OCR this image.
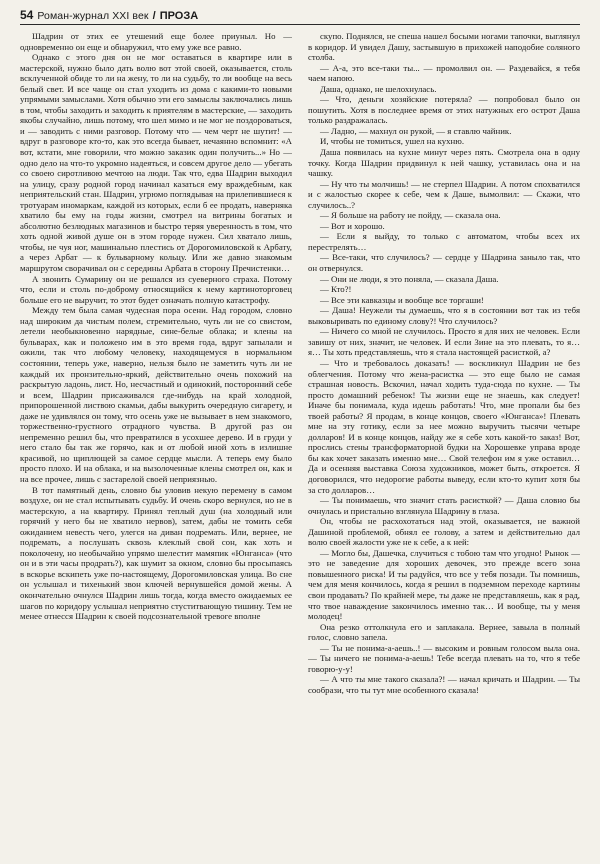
54 Роман-журнал XXI век / ПРОЗА

Шадрин от этих ее утешений еще более приуныл. Но — одновременно он еще и обнаружил, что ему уже все равно.

Однако с этого дня он не мог оставаться в квартире или в мастерской, нужно было дать волю вот этой своей, оказывается, столь всклученной обиде то ли на жену, то ли на судьбу, то ли вообще на весь белый свет. И все чаще он стал уходить из дома с какими-то новыми упрямыми замыслами. Хотя обычно эти его замыслы заключались лишь в том, чтобы заходить и заходить к приятелям в мастерские, — заходить якобы случайно, лишь потому, что шел мимо и не мог не поздороваться, и — заводить с ними разговор. Потому что — чем черт не шутит! — вдруг в разговоре кто-то, как это всегда бывает, нечаянно вспомнит: «А вот, кстати, мне говорили, что можно заказик один получить...» Но — одно дело на что-то укромно надеяться, и совсем другое дело — убегать со своею сиротливою мечтою на люди. Так что, едва Шадрин выходил на улицу, сразу родной город начинал казаться ему враждебным, как неприятельский стан. Шадрин, угрюмо поглядывая на прилепившиеся к тротуарам иномаркам, каждой из которых, если б ее продать, наверняка хватило бы ему на годы жизни, смотрел на витрины богатых и абсолютно безлюдных магазинов и быстро теряя уверенность в том, что хоть одной живой душе он в этом городе нужен. Сил хватало лишь, чтобы, не чуя ног, машинально плестись от Дорогомиловской к Арбату, а через Арбат — к бульварному кольцу. Или же давно знакомым маршрутом сворачивал он с середины Арбата в сторону Пречистенки…

А звонить Сумарину он не решался из суеверного страха. Потому что, если и столь по-доброму относящийся к нему картиноторговец больше его не выручит, то этот будет означать полную катастрофу.

Между тем была самая чудесная пора осени. Над городом, словно над широким да чистым полем, стремительно, чуть ли не со свистом, летели необыкновенно нарядные, сине-белые облака; и клены на бульварах, как и положено им в это время года, вдруг запылали и ожили, так что любому человеку, находящемуся в нормальном состоянии, теперь уже, наверно, нельзя было не заметить чуть ли не каждый их пронзительно-яркий, действительно очень похожий на раскрытую ладонь, лист. Но, несчастный и одинокий, посторонний себе и всем, Шадрин присаживался где-нибудь на край холодной, припорошенной листвою скамьи, дабы выкурить очередную сигарету, и даже не удивлялся он тому, что осень уже не вызывает в нем знакомого, торжественно-грустного отрадного чувства. В другой раз он непременно решил бы, что превратился в усохшее дерево. И в груди у него стало бы так же горячо, как и от любой иной хоть в излишне красивой, но щиплющей за самое сердце мысли. А теперь ему было просто плохо. И на облака, и на вызолоченные клены смотрел он, как и на все прочее, лишь с застарелой своей неприязнью.

В тот памятный день, словно бы уловив некую перемену в самом воздухе, он не стал испытывать судьбу. И очень скоро вернулся, но не в мастерскую, а на квартиру. Принял теплый душ (на холодный или горячий у него бы не хватило нервов), затем, дабы не томить себя ожиданием невесть чего, улегся на диван подремать. Или, вернее, не подремать, а послушать сквозь клеклый свой сон, как хоть и поколочену, но необычайно упрямо шелестит мамяпик «Юнганса» (что он и в эти часы продрать?), как шумит за окном, словно бы просыпаясь в вскорье вскипеть уже по-настоящему, Дорогомиловская улица. Во сне он услышал и тихенький звон ключей вернувшейся домой жены. А окончательно очнулся Шадрин лишь тогда, когда вместо ожидаемых ее шагов по коридору услышал неприятно стуститвающую тишину. Тем не менее отнесся Шадрин к своей подсознательной тревоге вполне

скупо. Поднялся, не спеша нашел босыми ногами тапочки, выглянул в коридор. И увидел Дашу, застывшую в прихожей наподобие соляного столба.

— А-а, это все-таки ты... — промолвил он. — Раздевайся, я тебя чаем напою.

Даша, однако, не шелохнулась.

— Что, деньги хозяйские потеряла? — попробовал было он пошутить. Хотя в последнее время от этих натужных его острот Даша только раздражалась.

— Ладно, — махнул он рукой, — я ставлю чайник.

И, чтобы не томиться, ушел на кухню.

Даша появилась на кухне минут через пять. Смотрела она в одну точку. Когда Шадрин придвинул к ней чашку, уставилась она и на чашку.

— Ну что ты молчишь! — не стерпел Шадрин. А потом спохватился и с жалостью скорее к себе, чем к Даше, вымолвил: — Скажи, что случилось..?

— Я больше на работу не пойду, — сказала она.

— Вот и хорошо.

— Если я выйду, то только с автоматом, чтобы всех их перестрелять…

— Все-таки, что случилось? — сердце у Шадрина заныло так, что он отвернулся.

— Они не люди, я это поняла, — сказала Даша.

— Кто?!

— Все эти кавказцы и вообще все торгаши!

— Даша! Неужели ты думаешь, что я в состоянии вот так из тебя выковыривать по единому слову?! Что случилось?

— Ничего со мной не случилось. Просто я для них не человек. Если завишу от них, значит, не человек. И если Зине на это плевать, то я… я… Ты хоть представляешь, что я стала настоящей расисткой, а?

— Что и требовалось доказать! — воскликнул Шадрин не без облегчения. Потому что жена-расистка — это еще было не самая страшная новость. Вскочил, начал ходить туда-сюда по кухне. — Ты просто домашний ребенок! Ты жизни еще не знаешь, как следует! Иначе бы понимала, куда идешь работать! Что, мне пропали бы без твоей работы? Я продам, в конце концов, своего «Юнганса»! Плевать мне на эту готику, если за нее можно выручить тысячи четыре долларов! И в конце концов, найду же я себе хоть какой-то заказ! Вот, прослись стены трансформаторной будки на Хорошевке управа вроде бы как хочет заказать именно мне… Свой телефон им я уже оставил… Да и осенняя выставка Союза художников, может быть, откроется. Я договорился, что недорогие работы выведу, если кто-то купит хотя бы за сто долларов…

— Ты понимаешь, что значит стать расисткой? — Даша словно бы очнулась и пристально взглянула Шадрину в глаза.

Он, чтобы не расхохотаться над этой, оказывается, не важной Дашиной проблемой, обнял ее голову, а затем и действительно дал волю своей жалости уже не к себе, а к ней:

— Могло бы, Дашечка, случиться с тобою там что угодно! Рынок — это не заведение для хороших девочек, это прежде всего зона повышенного риска! И ты радуйся, что все у тебя позади. Ты помнишь, чем для меня кончилось, когда я решил в подземном переходе картины свои продавать? По крайней мере, ты даже не представляешь, как я рад, что твое наваждение закончилось именно так… И вообще, ты у меня молодец!

Она резко оттолкнула его и заплакала. Вернее, завыла в полный голос, словно запела.

— Ты не понима-а-аешь..! — высоким и ровным голосом выла она. — Ты ничего не понима-а-аешь! Тебе всегда плевать на то, что я тебе говорю-у-у!

— А что ты мне такого сказала?! — начал кричать и Шадрин. — Ты сообрази, что ты тут мне особенного сказала!
